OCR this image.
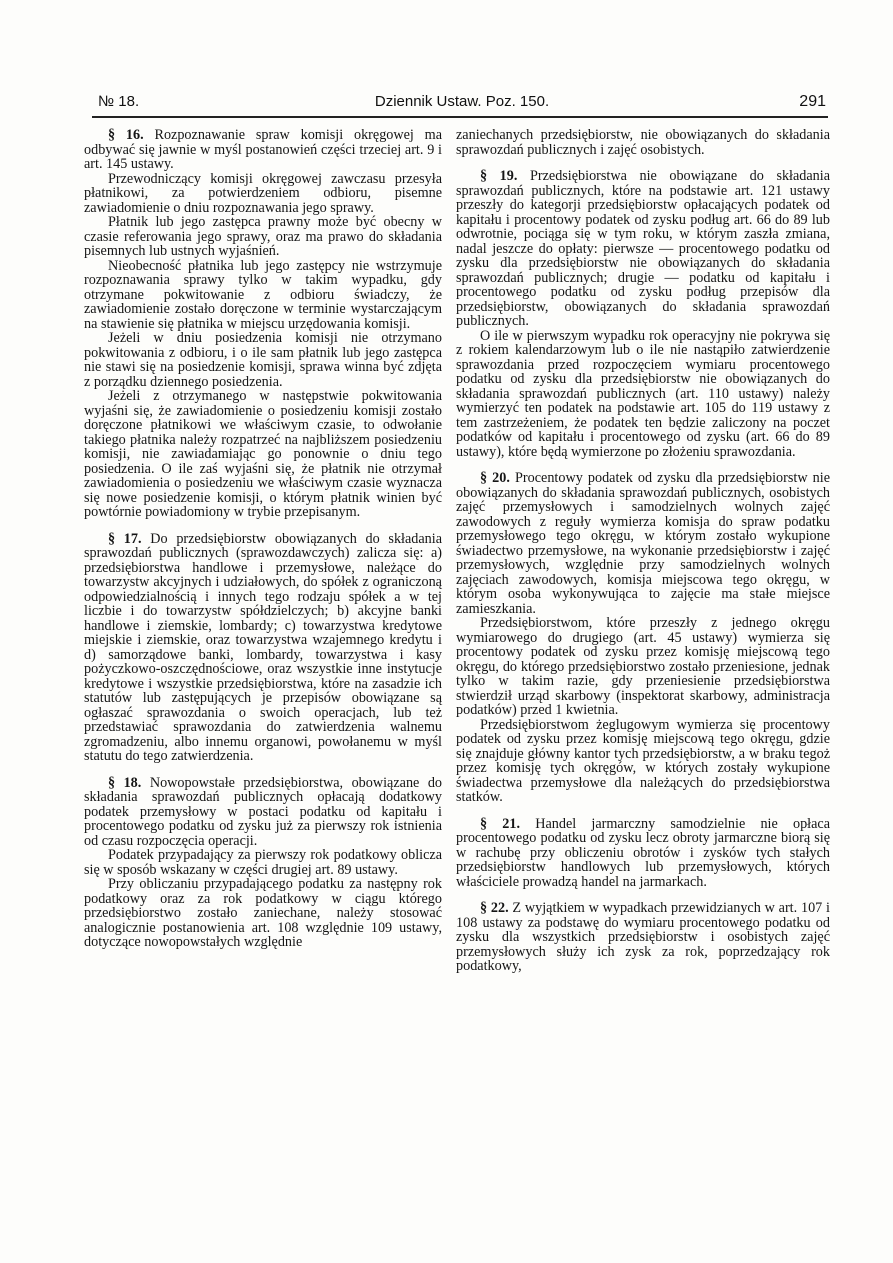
№ 18.	Dziennik Ustaw. Poz. 150.	291

§ 16. Rozpoznawanie spraw komisji okręgowej ma odbywać się jawnie w myśl postanowień części trzeciej art. 9 i art. 145 ustawy.

Przewodniczący komisji okręgowej zawczasu przesyła płatnikowi, za potwierdzeniem odbioru, pisemne zawiadomienie o dniu rozpoznawania jego sprawy.

Płatnik lub jego zastępca prawny może być obecny w czasie referowania jego sprawy, oraz ma prawo do składania pisemnych lub ustnych wyjaśnień.

Nieobecność płatnika lub jego zastępcy nie wstrzymuje rozpoznawania sprawy tylko w takim wypadku, gdy otrzymane pokwitowanie z odbioru świadczy, że zawiadomienie zostało doręczone w terminie wystarczającym na stawienie się płatnika w miejscu urzędowania komisji.

Jeżeli w dniu posiedzenia komisji nie otrzymano pokwitowania z odbioru, i o ile sam płatnik lub jego zastępca nie stawi się na posiedzenie komisji, sprawa winna być zdjęta z porządku dziennego posiedzenia.

Jeżeli z otrzymanego w następstwie pokwitowania wyjaśni się, że zawiadomienie o posiedzeniu komisji zostało doręczone płatnikowi we właściwym czasie, to odwołanie takiego płatnika należy rozpatrzeć na najbliższem posiedzeniu komisji, nie zawiadamiając go ponownie o dniu tego posiedzenia. O ile zaś wyjaśni się, że płatnik nie otrzymał zawiadomienia o posiedzeniu we właściwym czasie wyznacza się nowe posiedzenie komisji, o którym płatnik winien być powtórnie powiadomiony w trybie przepisanym.

§ 17. Do przedsiębiorstw obowiązanych do składania sprawozdań publicznych (sprawozdawczych) zalicza się: a) przedsiębiorstwa handlowe i przemysłowe, należące do towarzystw akcyjnych i udziałowych, do spółek z ograniczoną odpowiedzialnością i innych tego rodzaju spółek a w tej liczbie i do towarzystw spółdzielczych; b) akcyjne banki handlowe i ziemskie, lombardy; c) towarzystwa kredytowe miejskie i ziemskie, oraz towarzystwa wzajemnego kredytu i d) samorządowe banki, lombardy, towarzystwa i kasy pożyczkowo-oszczędnościowe, oraz wszystkie inne instytucje kredytowe i wszystkie przedsiębiorstwa, które na zasadzie ich statutów lub zastępujących je przepisów obowiązane są ogłaszać sprawozdania o swoich operacjach, lub też przedstawiać sprawozdania do zatwierdzenia walnemu zgromadzeniu, albo innemu organowi, powołanemu w myśl statutu do tego zatwierdzenia.

§ 18. Nowopowstałe przedsiębiorstwa, obowiązane do składania sprawozdań publicznych opłacają dodatkowy podatek przemysłowy w postaci podatku od kapitału i procentowego podatku od zysku już za pierwszy rok istnienia od czasu rozpoczęcia operacji.

Podatek przypadający za pierwszy rok podatkowy oblicza się w sposób wskazany w części drugiej art. 89 ustawy.

Przy obliczaniu przypadającego podatku za następny rok podatkowy oraz za rok podatkowy w ciągu którego przedsiębiorstwo zostało zaniechane, należy stosować analogicznie postanowienia art. 108 względnie 109 ustawy, dotyczące nowopowstałych względnie

zaniechanych przedsiębiorstw, nie obowiązanych do składania sprawozdań publicznych i zajęć osobistych.

§ 19. Przedsiębiorstwa nie obowiązane do składania sprawozdań publicznych, które na podstawie art. 121 ustawy przeszły do kategorji przedsiębiorstw opłacających podatek od kapitału i procentowy podatek od zysku podług art. 66 do 89 lub odwrotnie, pociąga się w tym roku, w którym zaszła zmiana, nadal jeszcze do opłaty: pierwsze — procentowego podatku od zysku dla przedsiębiorstw nie obowiązanych do składania sprawozdań publicznych; drugie — podatku od kapitału i procentowego podatku od zysku podług przepisów dla przedsiębiorstw, obowiązanych do składania sprawozdań publicznych.

O ile w pierwszym wypadku rok operacyjny nie pokrywa się z rokiem kalendarzowym lub o ile nie nastąpiło zatwierdzenie sprawozdania przed rozpoczęciem wymiaru procentowego podatku od zysku dla przedsiębiorstw nie obowiązanych do składania sprawozdań publicznych (art. 110 ustawy) należy wymierzyć ten podatek na podstawie art. 105 do 119 ustawy z tem zastrzeżeniem, że podatek ten będzie zaliczony na poczet podatków od kapitału i procentowego od zysku (art. 66 do 89 ustawy), które będą wymierzone po złożeniu sprawozdania.

§ 20. Procentowy podatek od zysku dla przedsiębiorstw nie obowiązanych do składania sprawozdań publicznych, osobistych zajęć przemysłowych i samodzielnych wolnych zajęć zawodowych z reguły wymierza komisja do spraw podatku przemysłowego tego okręgu, w którym zostało wykupione świadectwo przemysłowe, na wykonanie przedsiębiorstw i zajęć przemysłowych, względnie przy samodzielnych wolnych zajęciach zawodowych, komisja miejscowa tego okręgu, w którym osoba wykonywująca to zajęcie ma stałe miejsce zamieszkania.

Przedsiębiorstwom, które przeszły z jednego okręgu wymiarowego do drugiego (art. 45 ustawy) wymierza się procentowy podatek od zysku przez komisję miejscową tego okręgu, do którego przedsiębiorstwo zostało przeniesione, jednak tylko w takim razie, gdy przeniesienie przedsiębiorstwa stwierdził urząd skarbowy (inspektorat skarbowy, administracja podatków) przed 1 kwietnia.

Przedsiębiorstwom żeglugowym wymierza się procentowy podatek od zysku przez komisję miejscową tego okręgu, gdzie się znajduje główny kantor tych przedsiębiorstw, a w braku tegoż przez komisję tych okręgów, w których zostały wykupione świadectwa przemysłowe dla należących do przedsiębiorstwa statków.

§ 21. Handel jarmarczny samodzielnie nie opłaca procentowego podatku od zysku lecz obroty jarmarczne biorą się w rachubę przy obliczeniu obrotów i zysków tych stałych przedsiębiorstw handlowych lub przemysłowych, których właściciele prowadzą handel na jarmarkach.

§ 22. Z wyjątkiem w wypadkach przewidzianych w art. 107 i 108 ustawy za podstawę do wymiaru procentowego podatku od zysku dla wszystkich przedsiębiorstw i osobistych zajęć przemysłowych służy ich zysk za rok, poprzedzający rok podatkowy,
